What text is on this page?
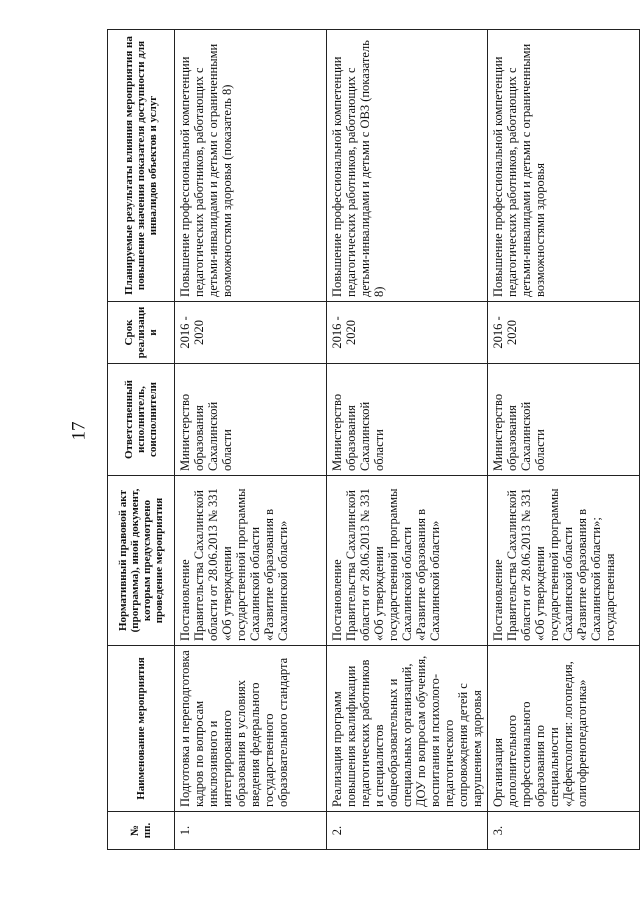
17
№ пп.	Наименование мероприятия	Нормативный правовой акт (программа), иной документ, которым предусмотрено проведение мероприятия	Ответственный исполнитель, соисполнители	Срок реализации	Планируемые результаты влияния мероприятия на повышение значения показателя доступности для инвалидов объектов и услуг
1.	Подготовка и переподготовка кадров по вопросам инклюзивного и интегрированного образования в условиях введения федерального государственного образовательного стандарта	Постановление Правительства Сахалинской области от 28.06.2013 № 331 «Об утверждении государственной программы Сахалинской области «Развитие образования в Сахалинской области»	Министерство образования Сахалинской области	2016 - 2020	Повышение профессиональной компетенции педагогических работников, работающих с детьми-инвалидами и детьми с ограниченными возможностями здоровья (показатель 8)
2.	Реализация программ повышения квалификации педагогических работников и специалистов общеобразовательных и специальных организаций, ДОУ по вопросам обучения, воспитания и психолого-педагогического сопровождения детей с нарушением здоровья	Постановление Правительства Сахалинской области от 28.06.2013 № 331 «Об утверждении государственной программы Сахалинской области «Развитие образования в Сахалинской области»	Министерство образования Сахалинской области	2016 - 2020	Повышение профессиональной компетенции педагогических работников, работающих с детьми-инвалидами и детьми с ОВЗ (показатель 8)
3.	Организация дополнительного профессионального образования по специальности «Дефектология: логопедия, олигофренопедагогика»	Постановление Правительства Сахалинской области от 28.06.2013 № 331 «Об утверждении государственной программы Сахалинской области «Развитие образования в Сахалинской области»; государственная	Министерство образования Сахалинской области	2016 - 2020	Повышение профессиональной компетенции педагогических работников, работающих с детьми-инвалидами и детьми с ограниченными возможностями здоровья
